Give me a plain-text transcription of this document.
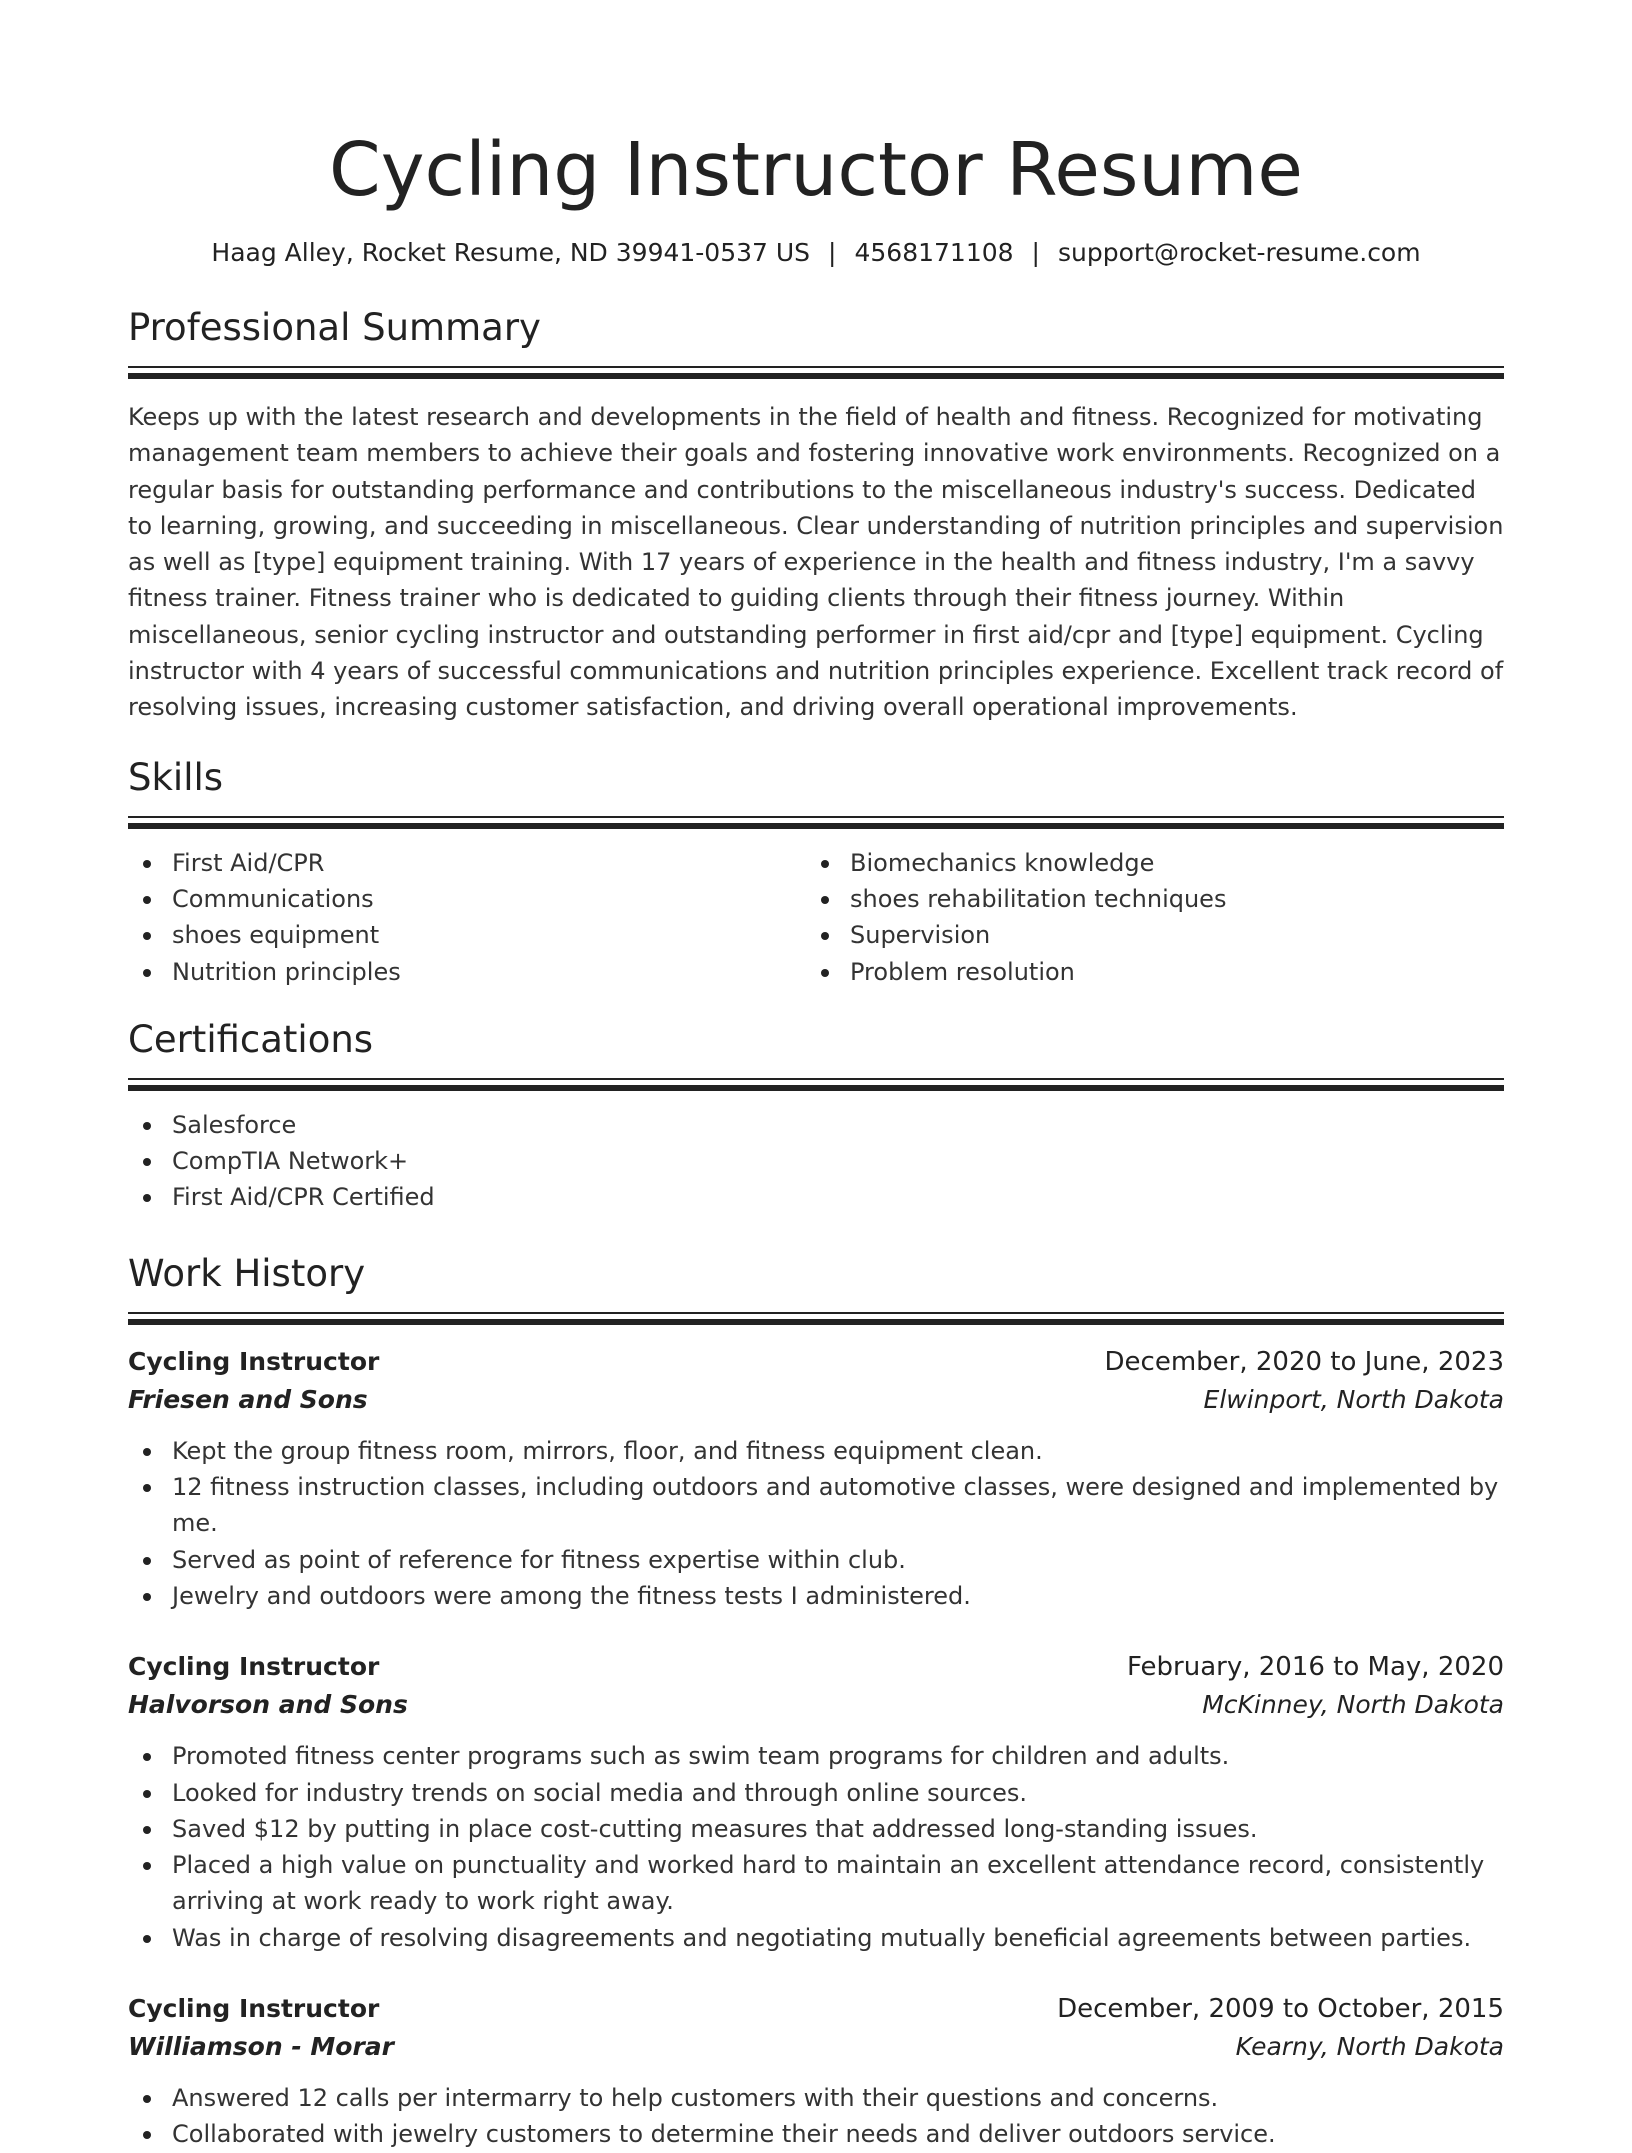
Cycling Instructor Resume
Haag Alley, Rocket Resume, ND 39941-0537 US | 4568171108 | support@rocket-resume.com
Professional Summary
Keeps up with the latest research and developments in the field of health and fitness. Recognized for motivating management team members to achieve their goals and fostering innovative work environments. Recognized on a regular basis for outstanding performance and contributions to the miscellaneous industry's success. Dedicated to learning, growing, and succeeding in miscellaneous. Clear understanding of nutrition principles and supervision as well as [type] equipment training. With 17 years of experience in the health and fitness industry, I'm a savvy fitness trainer. Fitness trainer who is dedicated to guiding clients through their fitness journey. Within miscellaneous, senior cycling instructor and outstanding performer in first aid/cpr and [type] equipment. Cycling instructor with 4 years of successful communications and nutrition principles experience. Excellent track record of resolving issues, increasing customer satisfaction, and driving overall operational improvements.
Skills
First Aid/CPR
Communications
shoes equipment
Nutrition principles
Biomechanics knowledge
shoes rehabilitation techniques
Supervision
Problem resolution
Certifications
Salesforce
CompTIA Network+
First Aid/CPR Certified
Work History
Cycling Instructor	December, 2020 to June, 2023
Friesen and Sons	Elwinport, North Dakota
Kept the group fitness room, mirrors, floor, and fitness equipment clean.
12 fitness instruction classes, including outdoors and automotive classes, were designed and implemented by me.
Served as point of reference for fitness expertise within club.
Jewelry and outdoors were among the fitness tests I administered.
Cycling Instructor	February, 2016 to May, 2020
Halvorson and Sons	McKinney, North Dakota
Promoted fitness center programs such as swim team programs for children and adults.
Looked for industry trends on social media and through online sources.
Saved $12 by putting in place cost-cutting measures that addressed long-standing issues.
Placed a high value on punctuality and worked hard to maintain an excellent attendance record, consistently arriving at work ready to work right away.
Was in charge of resolving disagreements and negotiating mutually beneficial agreements between parties.
Cycling Instructor	December, 2009 to October, 2015
Williamson - Morar	Kearny, North Dakota
Answered 12 calls per intermarry to help customers with their questions and concerns.
Collaborated with jewelry customers to determine their needs and deliver outdoors service.
